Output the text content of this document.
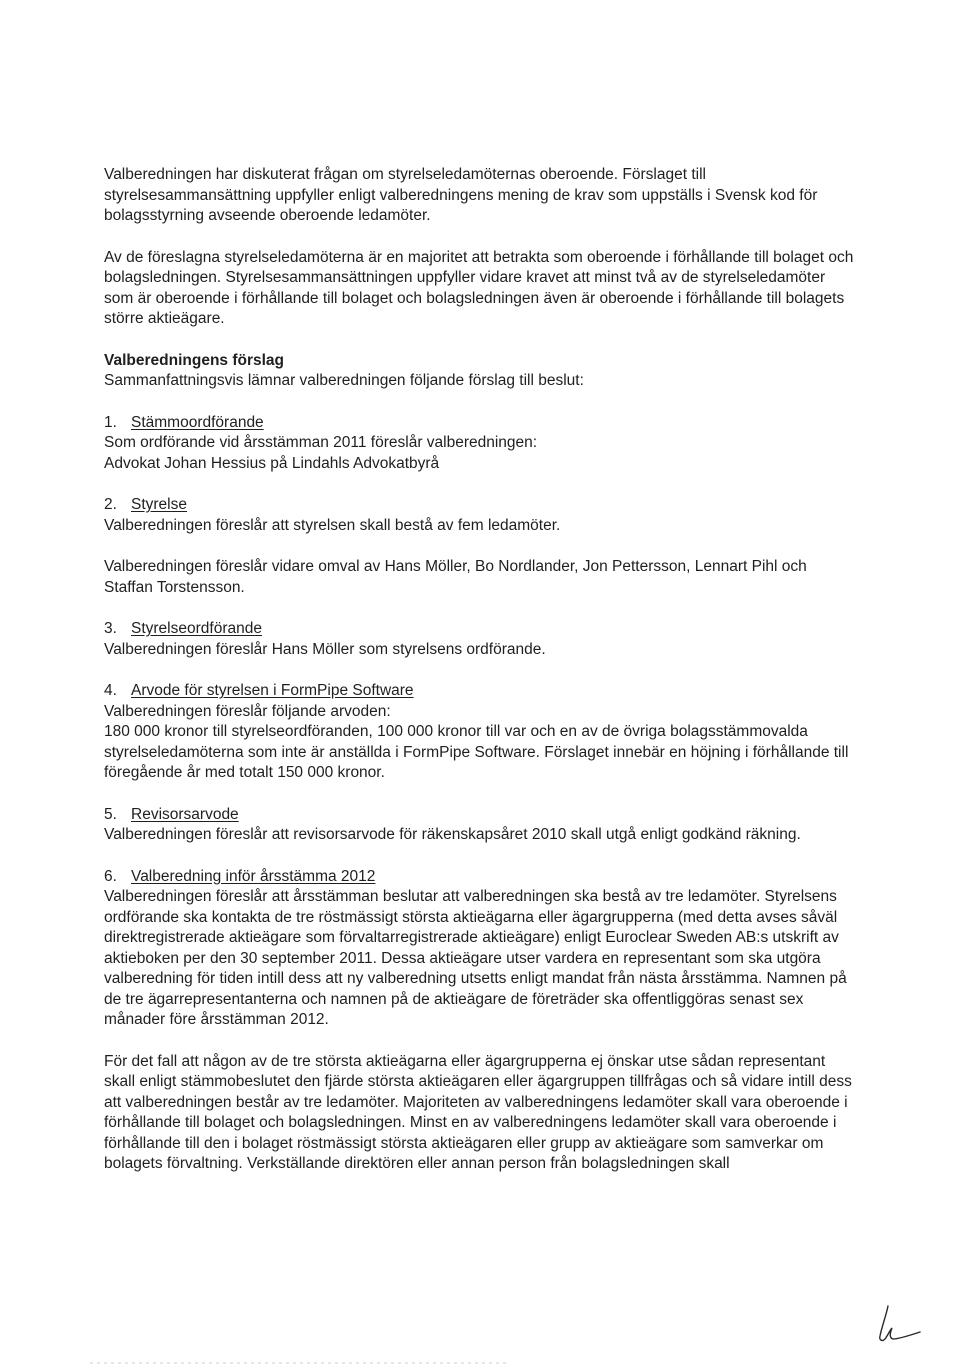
Valberedningen har diskuterat frågan om styrelseledamöternas oberoende. Förslaget till styrelsesammansättning uppfyller enligt valberedningens mening de krav som uppställs i Svensk kod för bolagsstyrning avseende oberoende ledamöter.

Av de föreslagna styrelseledamöterna är en majoritet att betrakta som oberoende i förhållande till bolaget och bolagsledningen. Styrelsesammansättningen uppfyller vidare kravet att minst två av de styrelseledamöter som är oberoende i förhållande till bolaget och bolagsledningen även är oberoende i förhållande till bolagets större aktieägare.

Valberedningens förslag

Sammanfattningsvis lämnar valberedningen följande förslag till beslut:

1. Stämmoordförande

Som ordförande vid årsstämman 2011 föreslår valberedningen:

Advokat Johan Hessius på Lindahls Advokatbyrå

2. Styrelse

Valberedningen föreslår att styrelsen skall bestå av fem ledamöter.

Valberedningen föreslår vidare omval av Hans Möller, Bo Nordlander, Jon Pettersson, Lennart Pihl och Staffan Torstensson.

3. Styrelseordförande

Valberedningen föreslår Hans Möller som styrelsens ordförande.

4. Arvode för styrelsen i FormPipe Software

Valberedningen föreslår följande arvoden:

180 000 kronor till styrelseordföranden, 100 000 kronor till var och en av de övriga bolagsstämmovalda styrelseledamöterna som inte är anställda i FormPipe Software. Förslaget innebär en höjning i förhållande till föregående år med totalt 150 000 kronor.

5. Revisorsarvode

Valberedningen föreslår att revisorsarvode för räkenskapsåret 2010 skall utgå enligt godkänd räkning.

6. Valberedning inför årsstämma 2012

Valberedningen föreslår att årsstämman beslutar att valberedningen ska bestå av tre ledamöter. Styrelsens ordförande ska kontakta de tre röstmässigt största aktieägarna eller ägargrupperna (med detta avses såväl direktregistrerade aktieägare som förvaltarregistrerade aktieägare) enligt Euroclear Sweden AB:s utskrift av aktieboken per den 30 september 2011. Dessa aktieägare utser vardera en representant som ska utgöra valberedning för tiden intill dess att ny valberedning utsetts enligt mandat från nästa årsstämma. Namnen på de tre ägarrepresentanterna och namnen på de aktieägare de företräder ska offentliggöras senast sex månader före årsstämman 2012.

För det fall att någon av de tre största aktieägarna eller ägargrupperna ej önskar utse sådan representant skall enligt stämmobeslutet den fjärde största aktieägaren eller ägargruppen tillfrågas och så vidare intill dess att valberedningen består av tre ledamöter. Majoriteten av valberedningens ledamöter skall vara oberoende i förhållande till bolaget och bolagsledningen. Minst en av valberedningens ledamöter skall vara oberoende i förhållande till den i bolaget röstmässigt största aktieägaren eller grupp av aktieägare som samverkar om bolagets förvaltning. Verkställande direktören eller annan person från bolagsledningen skall
